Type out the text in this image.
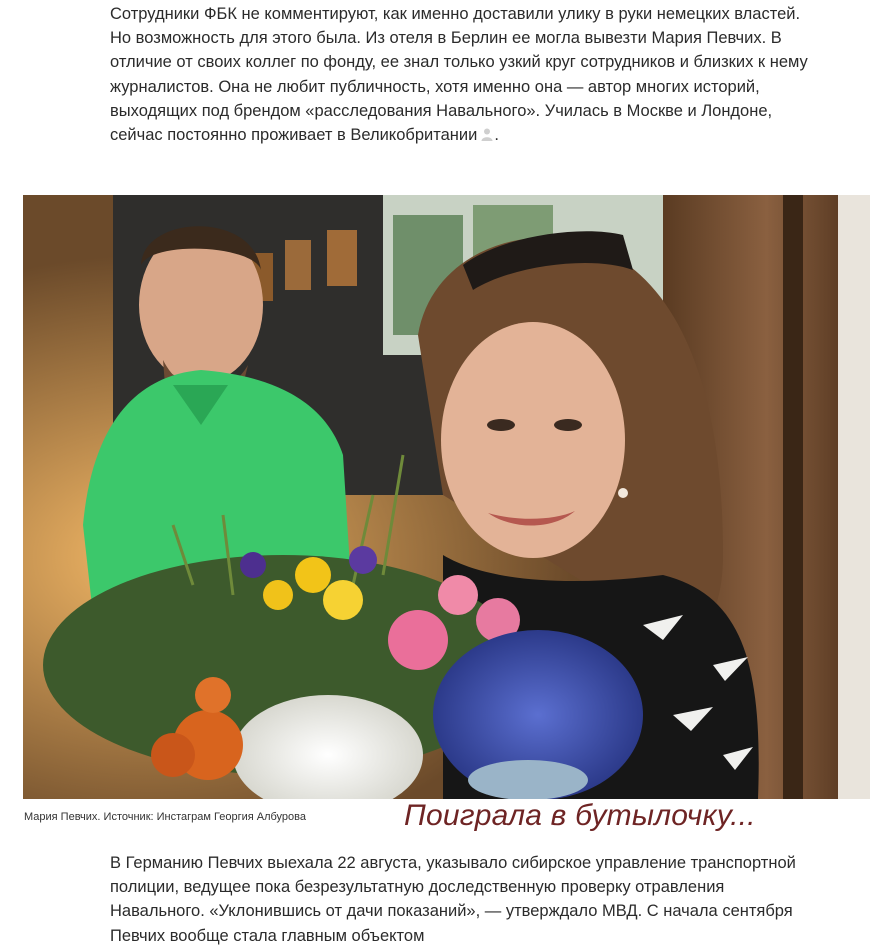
Сотрудники ФБК не комментируют, как именно доставили улику в руки немецких властей. Но возможность для этого была. Из отеля в Берлин ее могла вывезти Мария Певчих. В отличие от своих коллег по фонду, ее знал только узкий круг сотрудников и близких к нему журналистов. Она не любит публичность, хотя именно она — автор многих историй, выходящих под брендом «расследования Навального». Училась в Москве и Лондоне, сейчас постоянно проживает в Великобритании .

Мария Певчих. Источник: Инстаграм Георгия Албурова	Поиграла в бутылочку...

В Германию Певчих выехала 22 августа, указывало сибирское управление транспортной полиции, ведущее пока безрезультатную доследственную проверку отравления Навального. «Уклонившись от дачи показаний», — утверждало МВД. С начала сентября Певчих вообще стала главным объектом
